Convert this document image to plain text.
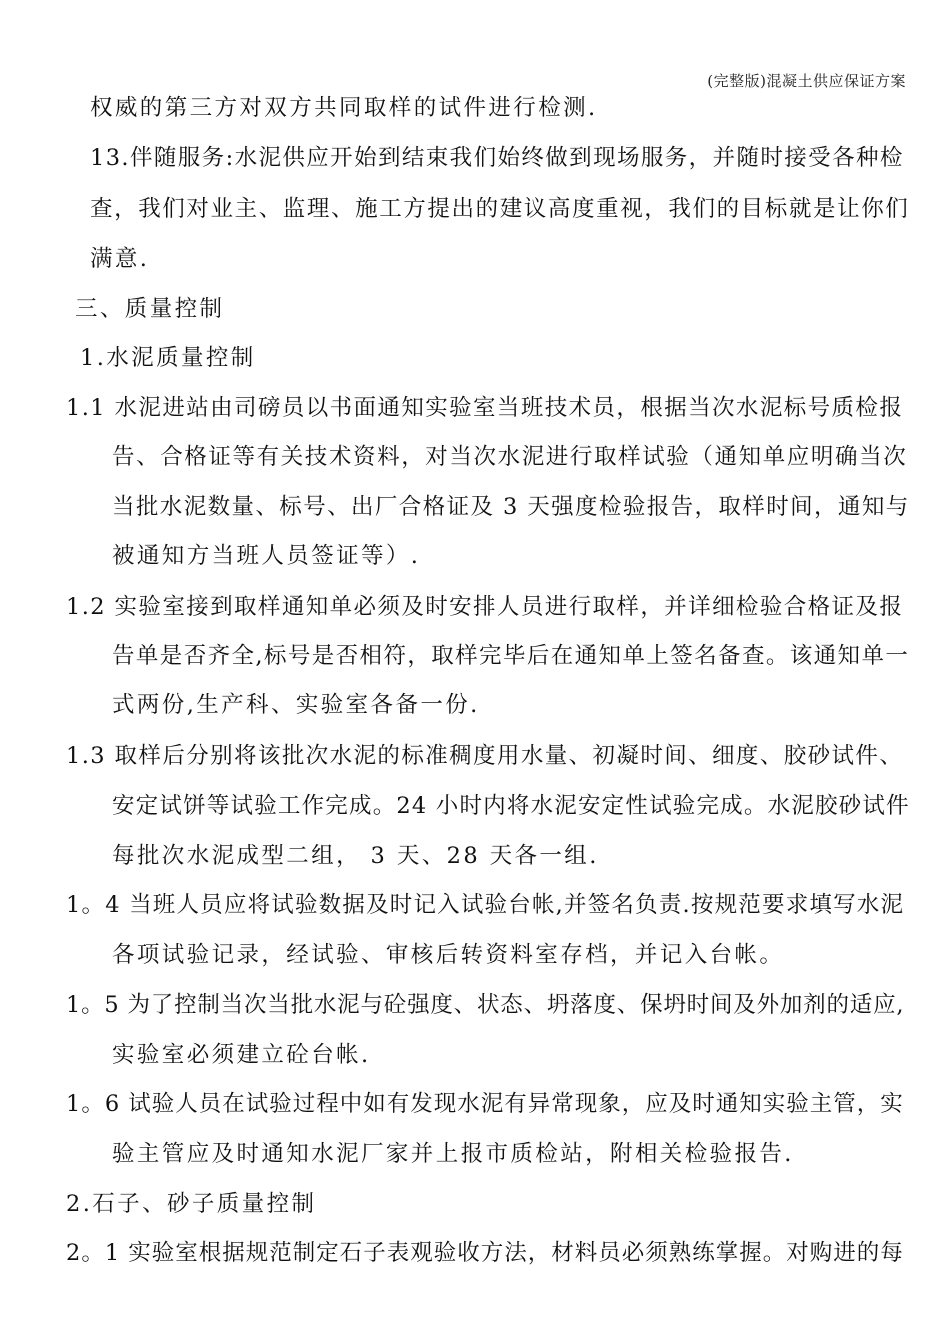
(完整版)混凝土供应保证方案
权威的第三方对双方共同取样的试件进行检测.
13.伴随服务:水泥供应开始到结束我们始终做到现场服务，并随时接受各种检
查，我们对业主、监理、施工方提出的建议高度重视，我们的目标就是让你们
满意.
三、质量控制
1.水泥质量控制
1.1 水泥进站由司磅员以书面通知实验室当班技术员，根据当次水泥标号质检报
告、合格证等有关技术资料，对当次水泥进行取样试验（通知单应明确当次
当批水泥数量、标号、出厂合格证及 3 天强度检验报告，取样时间，通知与
被通知方当班人员签证等）.
1.2 实验室接到取样通知单必须及时安排人员进行取样，并详细检验合格证及报
告单是否齐全,标号是否相符，取样完毕后在通知单上签名备查。该通知单一
式两份,生产科、实验室各备一份.
1.3 取样后分别将该批次水泥的标准稠度用水量、初凝时间、细度、胶砂试件、
安定试饼等试验工作完成。24 小时内将水泥安定性试验完成。水泥胶砂试件
每批次水泥成型二组， 3 天、28 天各一组.
1。4 当班人员应将试验数据及时记入试验台帐,并签名负责.按规范要求填写水泥
各项试验记录，经试验、审核后转资料室存档，并记入台帐。
1。5 为了控制当次当批水泥与砼强度、状态、坍落度、保坍时间及外加剂的适应,
实验室必须建立砼台帐.
1。6 试验人员在试验过程中如有发现水泥有异常现象，应及时通知实验主管，实
验主管应及时通知水泥厂家并上报市质检站，附相关检验报告.
2.石子、砂子质量控制
2。1 实验室根据规范制定石子表观验收方法，材料员必须熟练掌握。对购进的每
